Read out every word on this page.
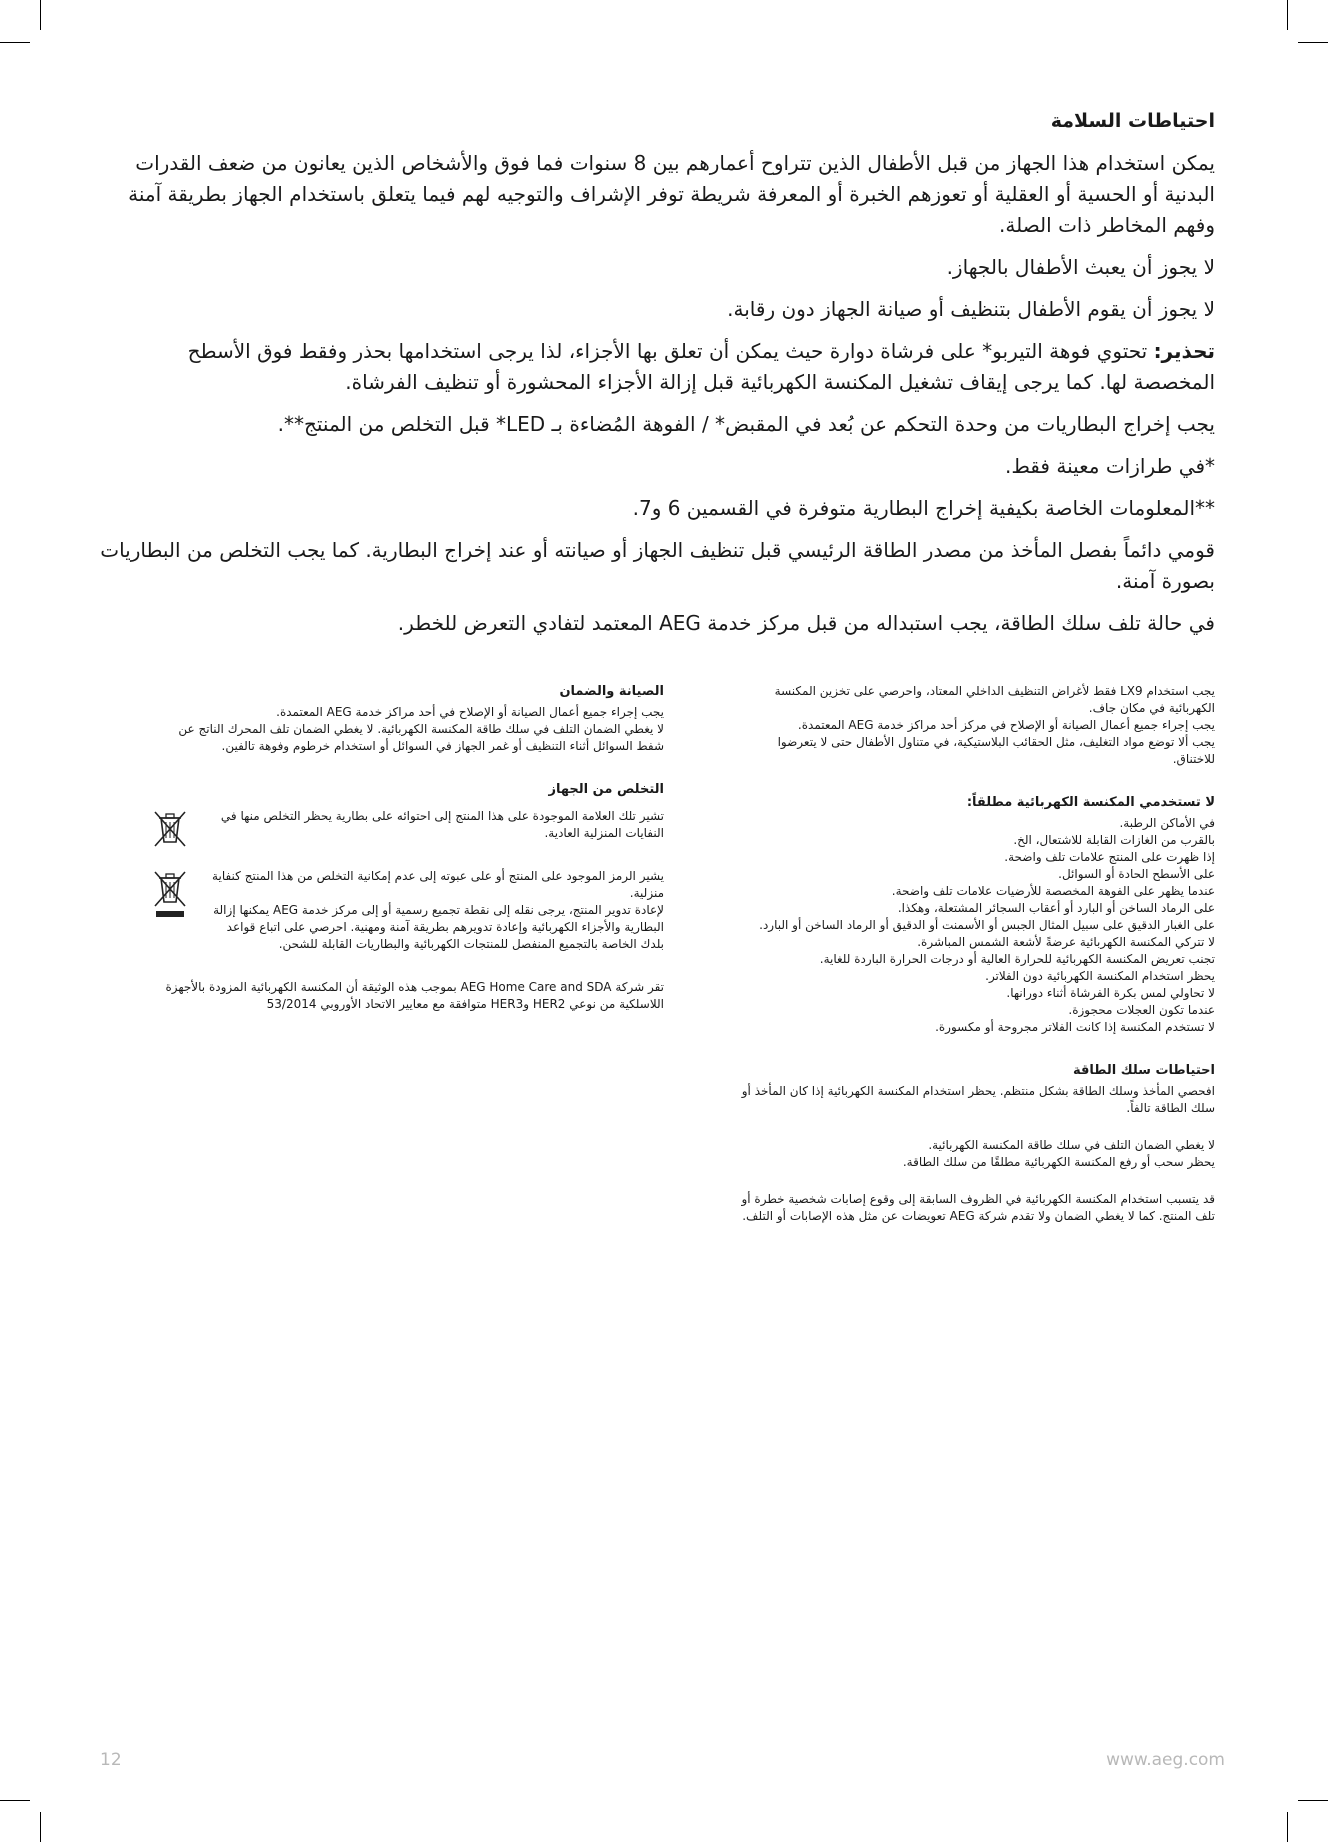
احتياطات السلامة

يمكن استخدام هذا الجهاز من قبل الأطفال الذين تتراوح أعمارهم بين 8 سنوات فما فوق والأشخاص الذين يعانون من ضعف القدرات البدنية أو الحسية أو العقلية أو تعوزهم الخبرة أو المعرفة شريطة توفر الإشراف والتوجيه لهم فيما يتعلق باستخدام الجهاز بطريقة آمنة وفهم المخاطر ذات الصلة.

لا يجوز أن يعبث الأطفال بالجهاز.

لا يجوز أن يقوم الأطفال بتنظيف أو صيانة الجهاز دون رقابة.

تحذير: تحتوي فوهة التيربو* على فرشاة دوارة حيث يمكن أن تعلق بها الأجزاء، لذا يرجى استخدامها بحذر وفقط فوق الأسطح المخصصة لها. كما يرجى إيقاف تشغيل المكنسة الكهربائية قبل إزالة الأجزاء المحشورة أو تنظيف الفرشاة.

يجب إخراج البطاريات من وحدة التحكم عن بُعد في المقبض* / الفوهة المُضاءة بـ LED* قبل التخلص من المنتج**.

*في طرازات معينة فقط.

**المعلومات الخاصة بكيفية إخراج البطارية متوفرة في القسمين 6 و7.

قومي دائماً بفصل المأخذ من مصدر الطاقة الرئيسي قبل تنظيف الجهاز أو صيانته أو عند إخراج البطارية. كما يجب التخلص من البطاريات بصورة آمنة.

في حالة تلف سلك الطاقة، يجب استبداله من قبل مركز خدمة AEG المعتمد لتفادي التعرض للخطر.

يجب استخدام LX9 فقط لأغراض التنظيف الداخلي المعتاد، واحرصي على تخزين المكنسة الكهربائية في مكان جاف.

يجب إجراء جميع أعمال الصيانة أو الإصلاح في مركز أحد مراكز خدمة AEG المعتمدة.

يجب ألا توضع مواد التغليف، مثل الحقائب البلاستيكية، في متناول الأطفال حتى لا يتعرضوا للاختناق.

لا تستخدمي المكنسة الكهربائية مطلقاً:

في الأماكن الرطبة.

بالقرب من الغازات القابلة للاشتعال، الخ.

إذا ظهرت على المنتج علامات تلف واضحة.

على الأسطح الحادة أو السوائل.

عندما يظهر على الفوهة المخصصة للأرضيات علامات تلف واضحة.

على الرماد الساخن أو البارد أو أعقاب السجائر المشتعلة، وهكذا.

على الغبار الدقيق على سبيل المثال الجبس أو الأسمنت أو الدقيق أو الرماد الساخن أو البارد.

لا تتركي المكنسة الكهربائية عرضةً لأشعة الشمس المباشرة.

تجنب تعريض المكنسة الكهربائية للحرارة العالية أو درجات الحرارة الباردة للغاية.

يحظر استخدام المكنسة الكهربائية دون الفلاتر.

لا تحاولي لمس بكرة الفرشاة أثناء دورانها.

عندما تكون العجلات محجوزة.

لا تستخدم المكنسة إذا كانت الفلاتر مجروحة أو مكسورة.

احتياطات سلك الطاقة

افحصي المأخذ وسلك الطاقة بشكل منتظم. يحظر استخدام المكنسة الكهربائية إذا كان المأخذ أو سلك الطاقة تالفاً.

لا يغطي الضمان التلف في سلك طاقة المكنسة الكهربائية.

يحظر سحب أو رفع المكنسة الكهربائية مطلقًا من سلك الطاقة.

قد يتسبب استخدام المكنسة الكهربائية في الظروف السابقة إلى وقوع إصابات شخصية خطرة أو تلف المنتج. كما لا يغطي الضمان ولا تقدم شركة AEG تعويضات عن مثل هذه الإصابات أو التلف.

الصيانة والضمان

يجب إجراء جميع أعمال الصيانة أو الإصلاح في أحد مراكز خدمة AEG المعتمدة.

لا يغطي الضمان التلف في سلك طاقة المكنسة الكهربائية. لا يغطي الضمان تلف المحرك الناتج عن شفط السوائل أثناء التنظيف أو غمر الجهاز في السوائل أو استخدام خرطوم وفوهة تالفين.

التخلص من الجهاز
تشير تلك العلامة الموجودة على هذا المنتج إلى احتوائه على بطارية يحظر التخلص منها في النفايات المنزلية العادية.

يشير الرمز الموجود على المنتج أو على عبوته إلى عدم إمكانية التخلص من هذا المنتج كنفاية منزلية.

لإعادة تدوير المنتج، يرجى نقله إلى نقطة تجميع رسمية أو إلى مركز خدمة AEG يمكنها إزالة البطارية والأجزاء الكهربائية وإعادة تدويرهم بطريقة آمنة ومهنية. احرصي على اتباع قواعد بلدك الخاصة بالتجميع المنفصل للمنتجات الكهربائية والبطاريات القابلة للشحن.

تقر شركة AEG Home Care and SDA بموجب هذه الوثيقة أن المكنسة الكهربائية المزودة بالأجهزة اللاسلكية من نوعي HER2 وHER3 متوافقة مع معايير الاتحاد الأوروبي 53/2014

12	www.aeg.com
